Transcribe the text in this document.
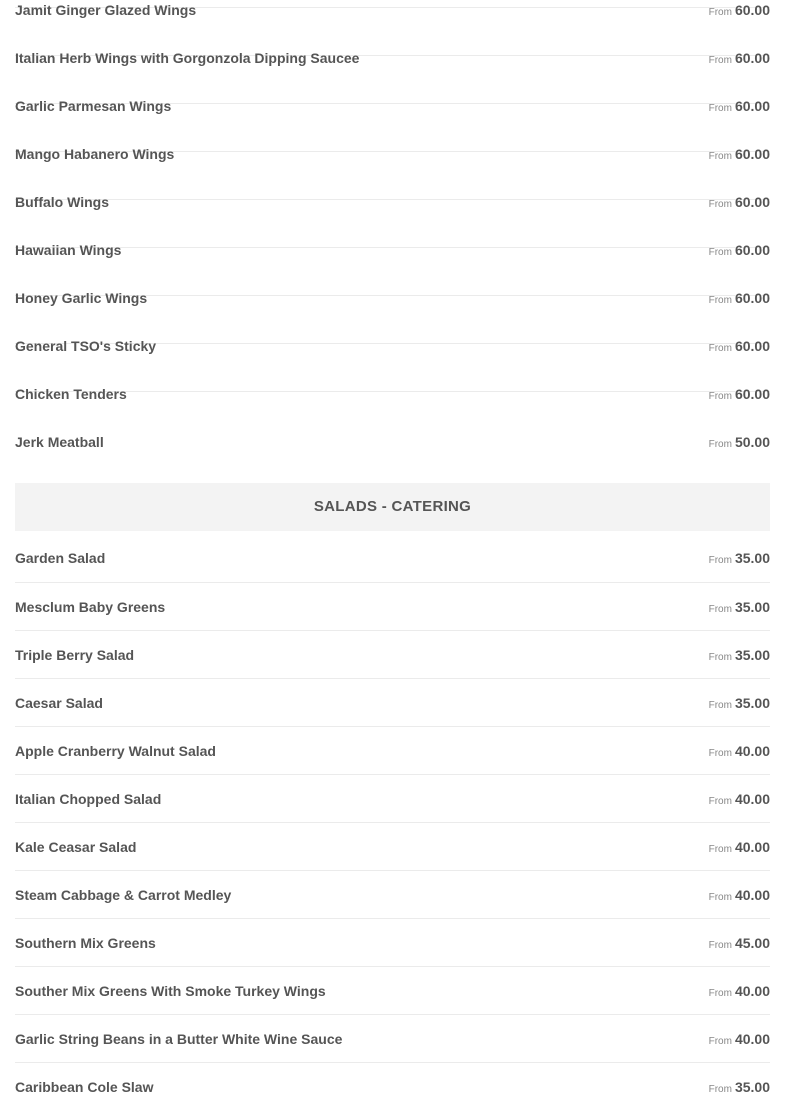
Jamit Ginger Glazed Wings	From 60.00
Italian Herb Wings with Gorgonzola Dipping Saucee	From 60.00
Garlic Parmesan Wings	From 60.00
Mango Habanero Wings	From 60.00
Buffalo Wings	From 60.00
Hawaiian Wings	From 60.00
Honey Garlic Wings	From 60.00
General TSO's Sticky	From 60.00
Chicken Tenders	From 60.00
Jerk Meatball	From 50.00
SALADS - CATERING
Garden Salad	From 35.00
Mesclum Baby Greens	From 35.00
Triple Berry Salad	From 35.00
Caesar Salad	From 35.00
Apple Cranberry Walnut Salad	From 40.00
Italian Chopped Salad	From 40.00
Kale Ceasar Salad	From 40.00
Steam Cabbage & Carrot Medley	From 40.00
Southern Mix Greens	From 45.00
Souther Mix Greens With Smoke Turkey Wings	From 40.00
Garlic String Beans in a Butter White Wine Sauce	From 40.00
Caribbean Cole Slaw	From 35.00
